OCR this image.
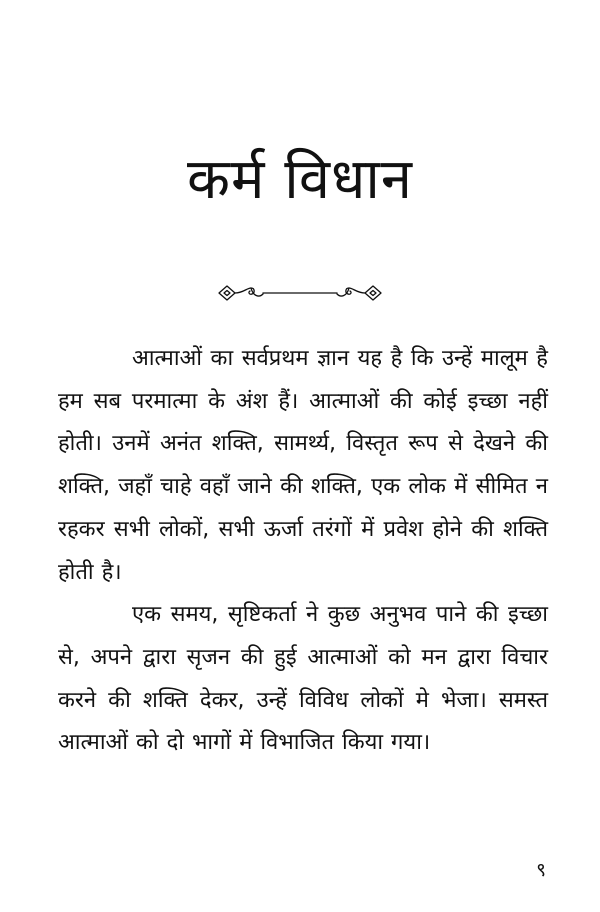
कर्म विधान

आत्माओं का सर्वप्रथम ज्ञान यह है कि उन्हें मालूम है हम सब परमात्मा के अंश हैं। आत्माओं की कोई इच्छा नहीं होती। उनमें अनंत शक्ति, सामर्थ्य, विस्तृत रूप से देखने की शक्ति, जहाँ चाहे वहाँ जाने की शक्ति, एक लोक में सीमित न रहकर सभी लोकों, सभी ऊर्जा तरंगों में प्रवेश होने की शक्ति होती है।

एक समय, सृष्टिकर्ता ने कुछ अनुभव पाने की इच्छा से, अपने द्वारा सृजन की हुई आत्माओं को मन द्वारा विचार करने की शक्ति देकर, उन्हें विविध लोकों मे भेजा। समस्त आत्माओं को दो भागों में विभाजित किया गया।

९
